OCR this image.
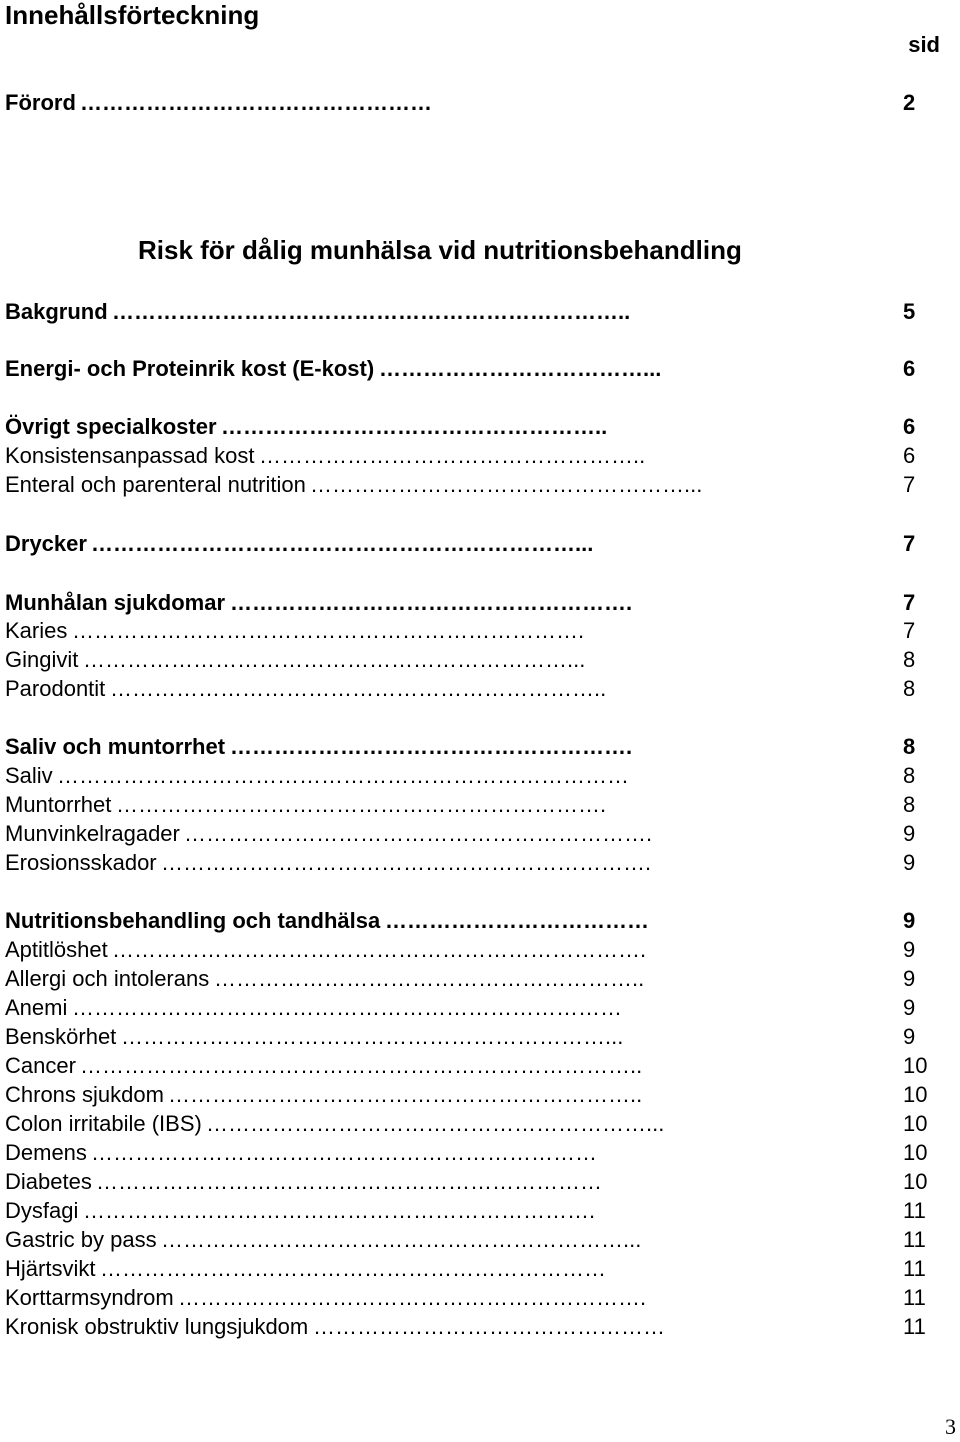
Innehållsförteckning
sid
Risk för dålig munhälsa vid nutritionsbehandling
Förord …………………………………………	2
Bakgrund ……………………………………………………………..	5
Energi- och Proteinrik kost (E-kost) ………………………………...	6
Övrigt specialkoster ……………………………………………..	6
Konsistensanpassad kost ……………………………………………..	6
Enteral och parenteral nutrition ……………………………………………...	7
Drycker …………………………………………………………...	7
Munhålan sjukdomar ……………………………………………….	7
Karies …………………………………………………………….	7
Gingivit …………………………………………………………...	8
Parodontit …………………………………………………………..	8
Saliv och muntorrhet ……………………………………………….	8
Saliv ……………………………………………………………………	8
Muntorrhet ………………………………………………………….	8
Munvinkelragader ……………………………………………………….	9
Erosionsskador ………………………………………………………….	9
Nutritionsbehandling och tandhälsa ………………………………	9
Aptitlöshet ……………………………………………………………….	9
Allergi och intolerans …………………………………………………..	9
Anemi …………………………………………………………………	9
Benskörhet …………………………………………………………...	9
Cancer …………………………………………………………………..	10
Chrons sjukdom ………………………………………………………..	10
Colon irritabile (IBS) ……………………………………………………...	10
Demens ……………………………………………………………	10
Diabetes ……………………………………………………………	10
Dysfagi …………………………………………………………….	11
Gastric by pass ………………………………………………………...	11
Hjärtsvikt ……………………………………………………………	11
Korttarmsyndrom ……………………………………………………….	11
Kronisk obstruktiv lungsjukdom …………………………………………	11
3
